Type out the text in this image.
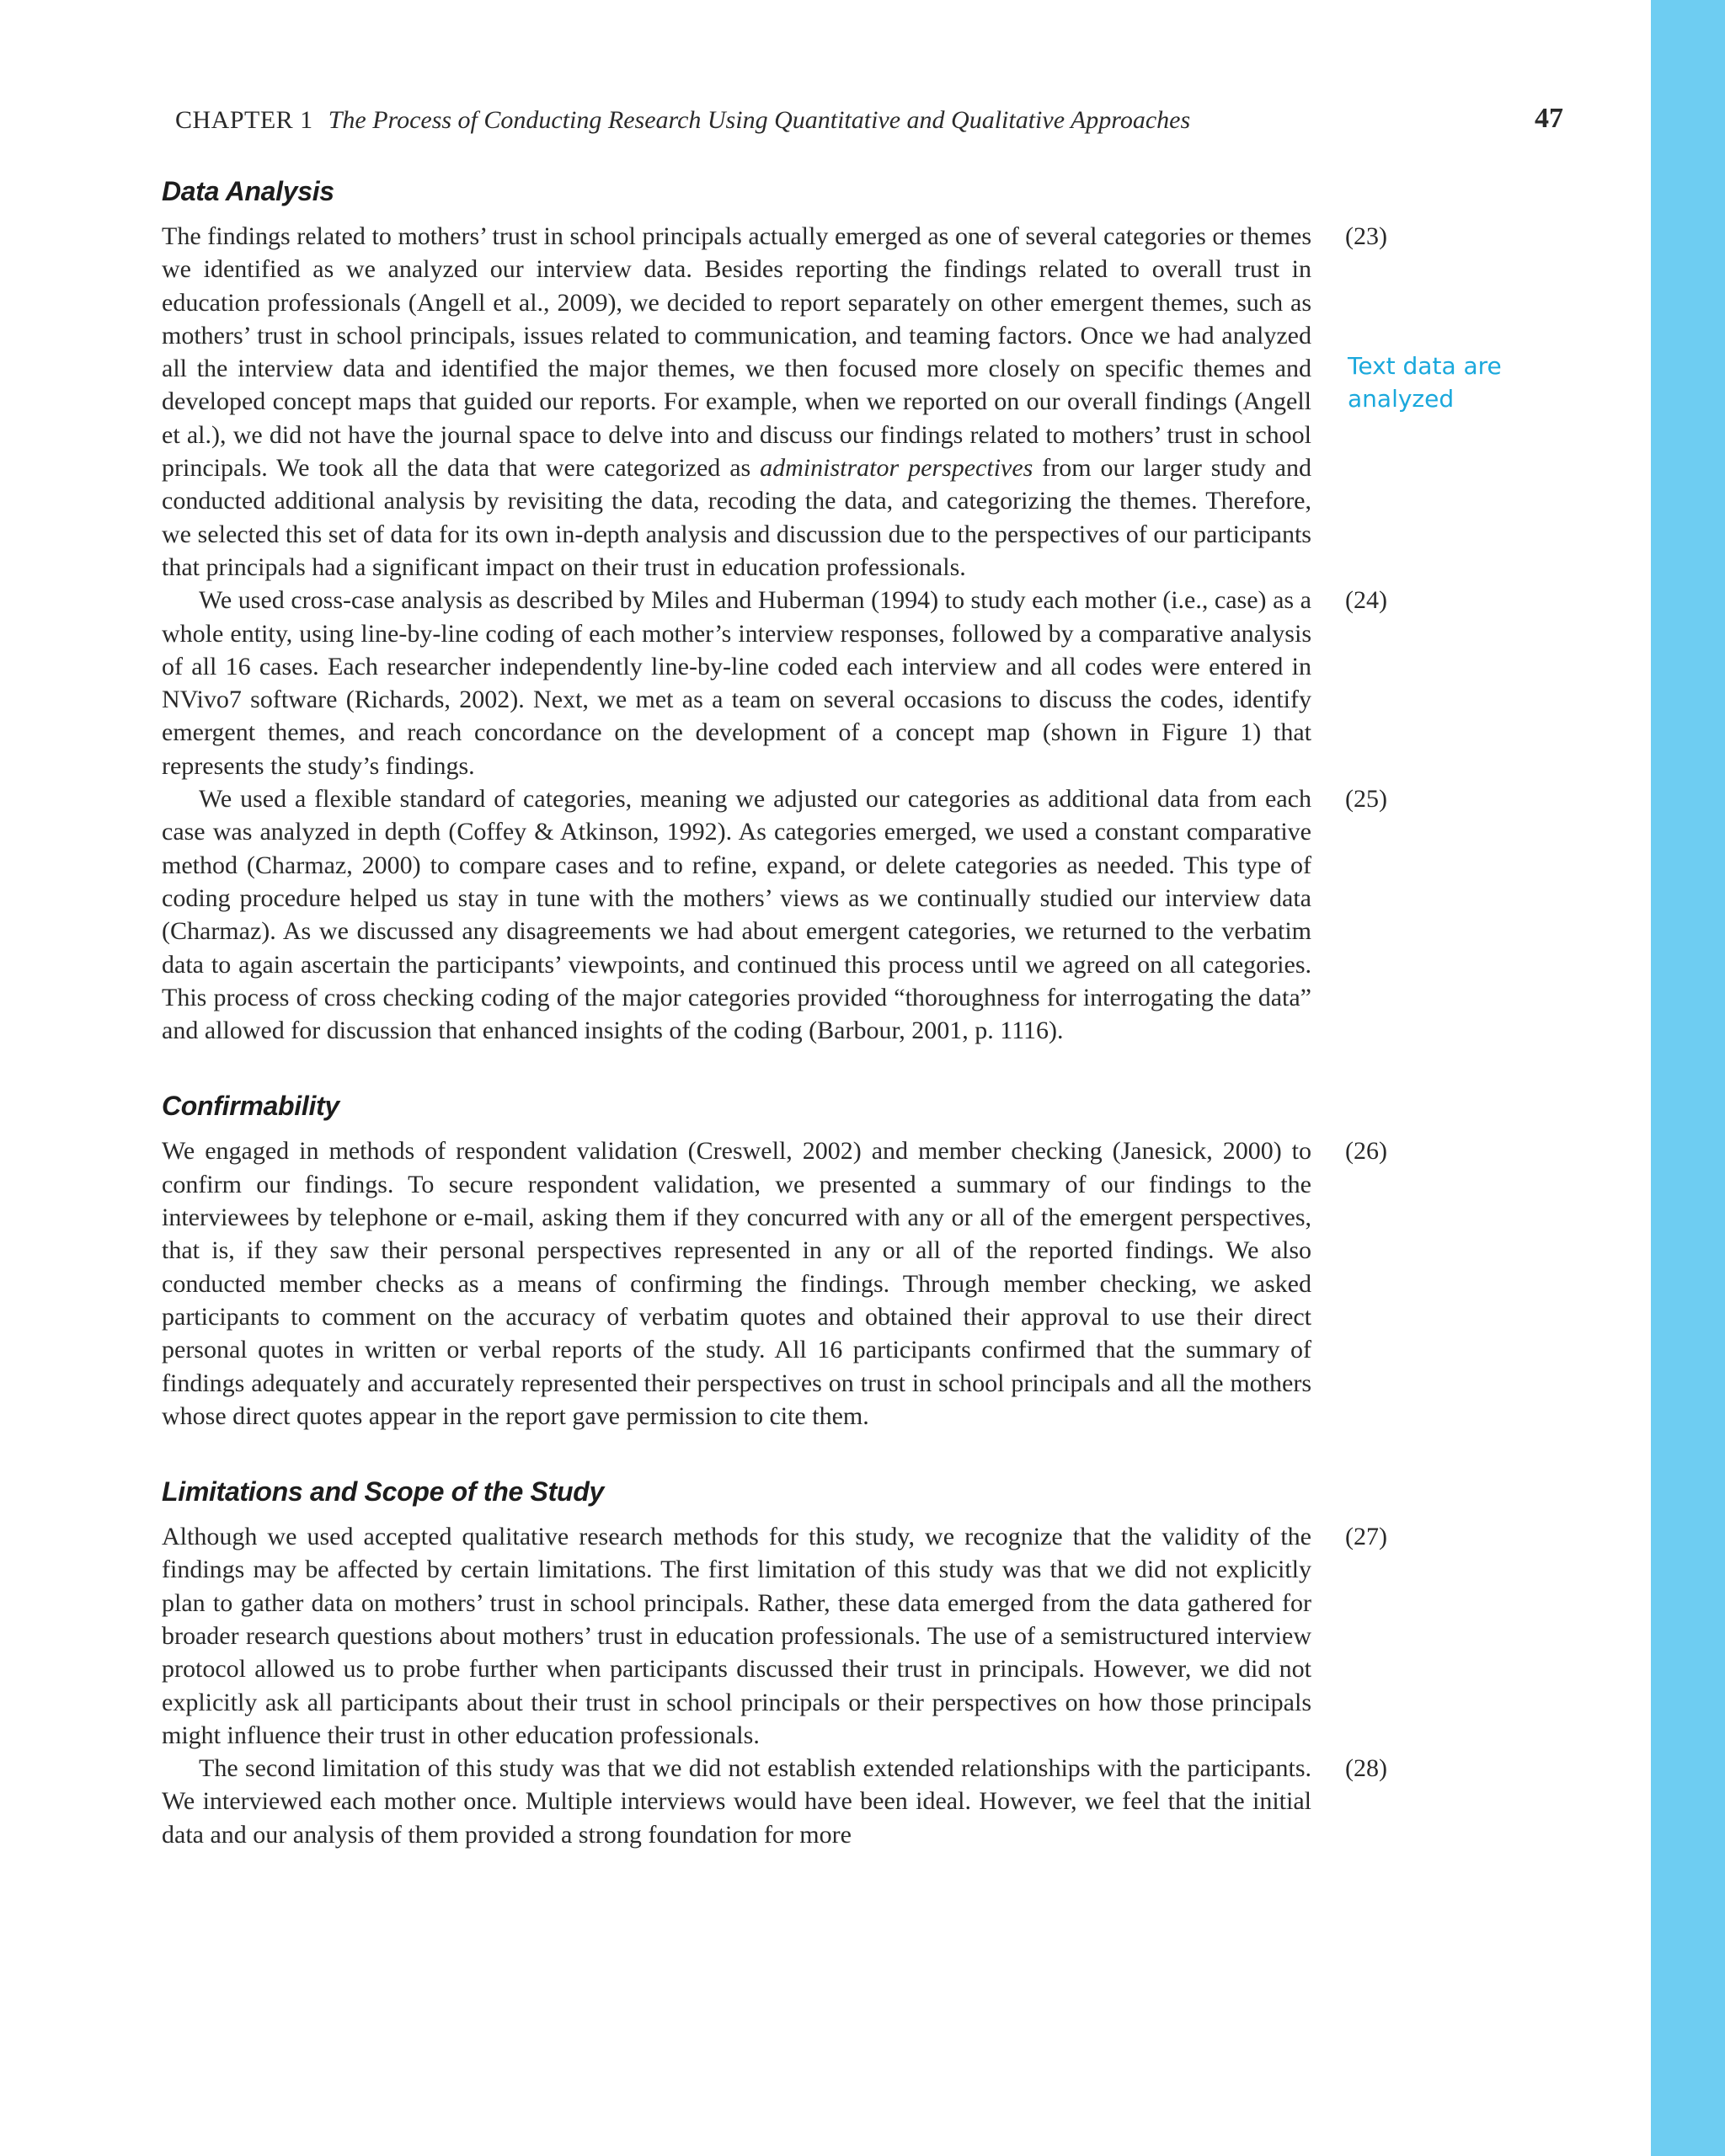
CHAPTER 1 The Process of Conducting Research Using Quantitative and Qualitative Approaches	47
Text data are
analyzed
Data Analysis

The findings related to mothers’ trust in school principals actually emerged as one of several categories or themes we identified as we analyzed our interview data. Besides reporting the findings related to overall trust in education professionals (Angell et al., 2009), we decided to report separately on other emergent themes, such as mothers’ trust in school principals, issues related to communication, and teaming factors. Once we had analyzed all the interview data and identified the major themes, we then focused more closely on specific themes and developed concept maps that guided our reports. For example, when we reported on our overall findings (Angell et al.), we did not have the journal space to delve into and discuss our findings related to mothers’ trust in school principals. We took all the data that were categorized as administrator perspectives from our larger study and conducted additional analysis by revisiting the data, recoding the data, and categorizing the themes. Therefore, we selected this set of data for its own in-depth analysis and discussion due to the perspectives of our participants that principals had a significant impact on their trust in education professionals.
(23)

We used cross-case analysis as described by Miles and Huberman (1994) to study each mother (i.e., case) as a whole entity, using line-by-line coding of each mother’s interview responses, followed by a comparative analysis of all 16 cases. Each researcher independently line-by-line coded each interview and all codes were entered in NVivo7 software (Richards, 2002). Next, we met as a team on several occasions to discuss the codes, identify emergent themes, and reach concordance on the development of a concept map (shown in Figure 1) that represents the study’s findings.
(24)

We used a flexible standard of categories, meaning we adjusted our categories as additional data from each case was analyzed in depth (Coffey & Atkinson, 1992). As categories emerged, we used a constant comparative method (Charmaz, 2000) to compare cases and to refine, expand, or delete categories as needed. This type of coding procedure helped us stay in tune with the mothers’ views as we continually studied our interview data (Charmaz). As we discussed any disagreements we had about emergent categories, we returned to the verbatim data to again ascertain the participants’ viewpoints, and continued this process until we agreed on all categories. This process of cross checking coding of the major categories provided “thoroughness for interrogating the data” and allowed for discussion that enhanced insights of the coding (Barbour, 2001, p. 1116).
(25)

Confirmability

We engaged in methods of respondent validation (Creswell, 2002) and member checking (Janesick, 2000) to confirm our findings. To secure respondent validation, we presented a summary of our findings to the interviewees by telephone or e-mail, asking them if they concurred with any or all of the emergent perspectives, that is, if they saw their personal perspectives represented in any or all of the reported findings. We also conducted member checks as a means of confirming the findings. Through member checking, we asked participants to comment on the accuracy of verbatim quotes and obtained their approval to use their direct personal quotes in written or verbal reports of the study. All 16 participants confirmed that the summary of findings adequately and accurately represented their perspectives on trust in school principals and all the mothers whose direct quotes appear in the report gave permission to cite them.
(26)

Limitations and Scope of the Study

Although we used accepted qualitative research methods for this study, we recognize that the validity of the findings may be affected by certain limitations. The first limitation of this study was that we did not explicitly plan to gather data on mothers’ trust in school principals. Rather, these data emerged from the data gathered for broader research questions about mothers’ trust in education professionals. The use of a semistructured interview protocol allowed us to probe further when participants discussed their trust in principals. However, we did not explicitly ask all participants about their trust in school principals or their perspectives on how those principals might influence their trust in other education professionals.
(27)

The second limitation of this study was that we did not establish extended relationships with the participants. We interviewed each mother once. Multiple interviews would have been ideal. However, we feel that the initial data and our analysis of them provided a strong foundation for more
(28)
